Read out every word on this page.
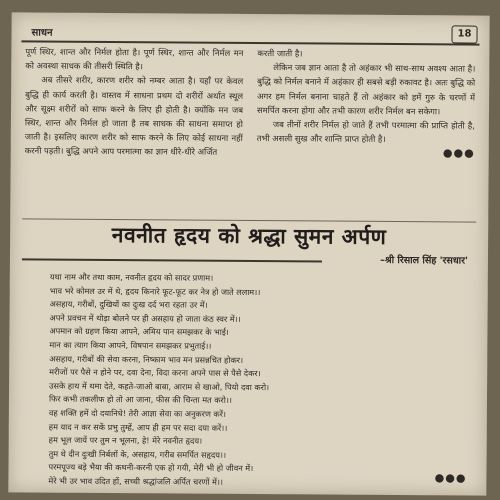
साधन	18

पूर्ण स्थिर, शान्त और निर्मल होता है। पूर्ण स्थिर, शान्त और निर्मल मन को अवस्था साधक की तीसरी स्थिति है।

अब तीसरे शरीर, कारण शरीर को नम्बर आता है। यहाँ पर केवल बुद्धि ही कार्य करती है। वास्तव में साधना प्रथम दो शरीरों अर्थात स्थूल और सूक्ष्म शरीरों को साफ करने के लिए ही होती है। क्योंकि मन जब स्थिर, शान्त और निर्मल हो जाता है तब साधक की साधना समाप्त हो जाती है। इसलिए कारण शरीर को साफ करने के लिए कोई साधना नहीं करनी पड़ती। बुद्धि अपने आप परमात्मा का ज्ञान धीरे-धीरे अर्जित

करती जाती है।

लेकिन जब ज्ञान आता है तो अहंकार भी साथ-साथ अवश्य आता है। बुद्धि को निर्मल बनाने में अहंकार ही सबसे बड़ी रुकावट है। अतः बुद्धि को अगर हम निर्मल बनाना चाहते हैं तो अहंकार को हमें गुरु के चरणों में समर्पित करना होगा और तभी कारण शरीर निर्मल बन सकेगा।

जब तीनों शरीर निर्मल हो जाते हैं तभी परमात्मा की प्राप्ति होती है, तभी असली सुख और शान्ति प्राप्त होती है।

●●●
नवनीत हृदय को श्रद्धा सुमन अर्पण
–श्री रिसाल सिंह 'रसधार'
यथा नाम और तथा काम, नवनीत हृदय को सादर प्रणाम।
भाव भरे कोमल उर में थे, हृदय किनारे फूट-फूट कर नेत्र हो जाते ललाम।।
असहाय, गरीबों, दुखियों का दुःख दर्द भरा रहता उर में।
अपने प्रवचन में थोड़ा बोलने पर ही असहाय हो जाता कंठ स्वर में।।
अपमान को ग्रहण किया आपने, अमिय पान समझकर के भाई।
मान का त्याग किया आपने, विषपान समझकर प्रभुताई।।
असहाय, गरीबों की सेवा करना, निष्काम भाव मन प्रसन्नचित होकर।
मरीजों पर पैसे न होने पर, दवा देना, विदा करना अपने पास से पैसे देकर।
उसके हाथ में थमा देते, कहते-जाओ बाबा, आराम से खाओ, पियो दवा करो।
फिर कभी तकलीफ हो तो आ जाना, फीस की चिन्ता मत करो।।
वह शक्ति हमें दो दयानिधे! तेरी आज्ञा सेवा का अनुकरण करें।
हम याद न कर सकें प्रभु तुम्हें, आप ही हम पर सदा दया करें।।
हम भूल जायें पर तुम न भूलना, हे! मेरे नवनीत हृदय।
तुम थे दीन दुःखी निर्बलों के, असहाय, गरीब समर्पित सहृदय।।
परमपूज्य बड़े भैया की कथनी-करनी एक हो गयी, मेरी भी हो जीवन में।
मेरे भी उर भाव उदित हों, सच्ची श्रद्धांजलि अर्पित चरणों में।।	●●●
